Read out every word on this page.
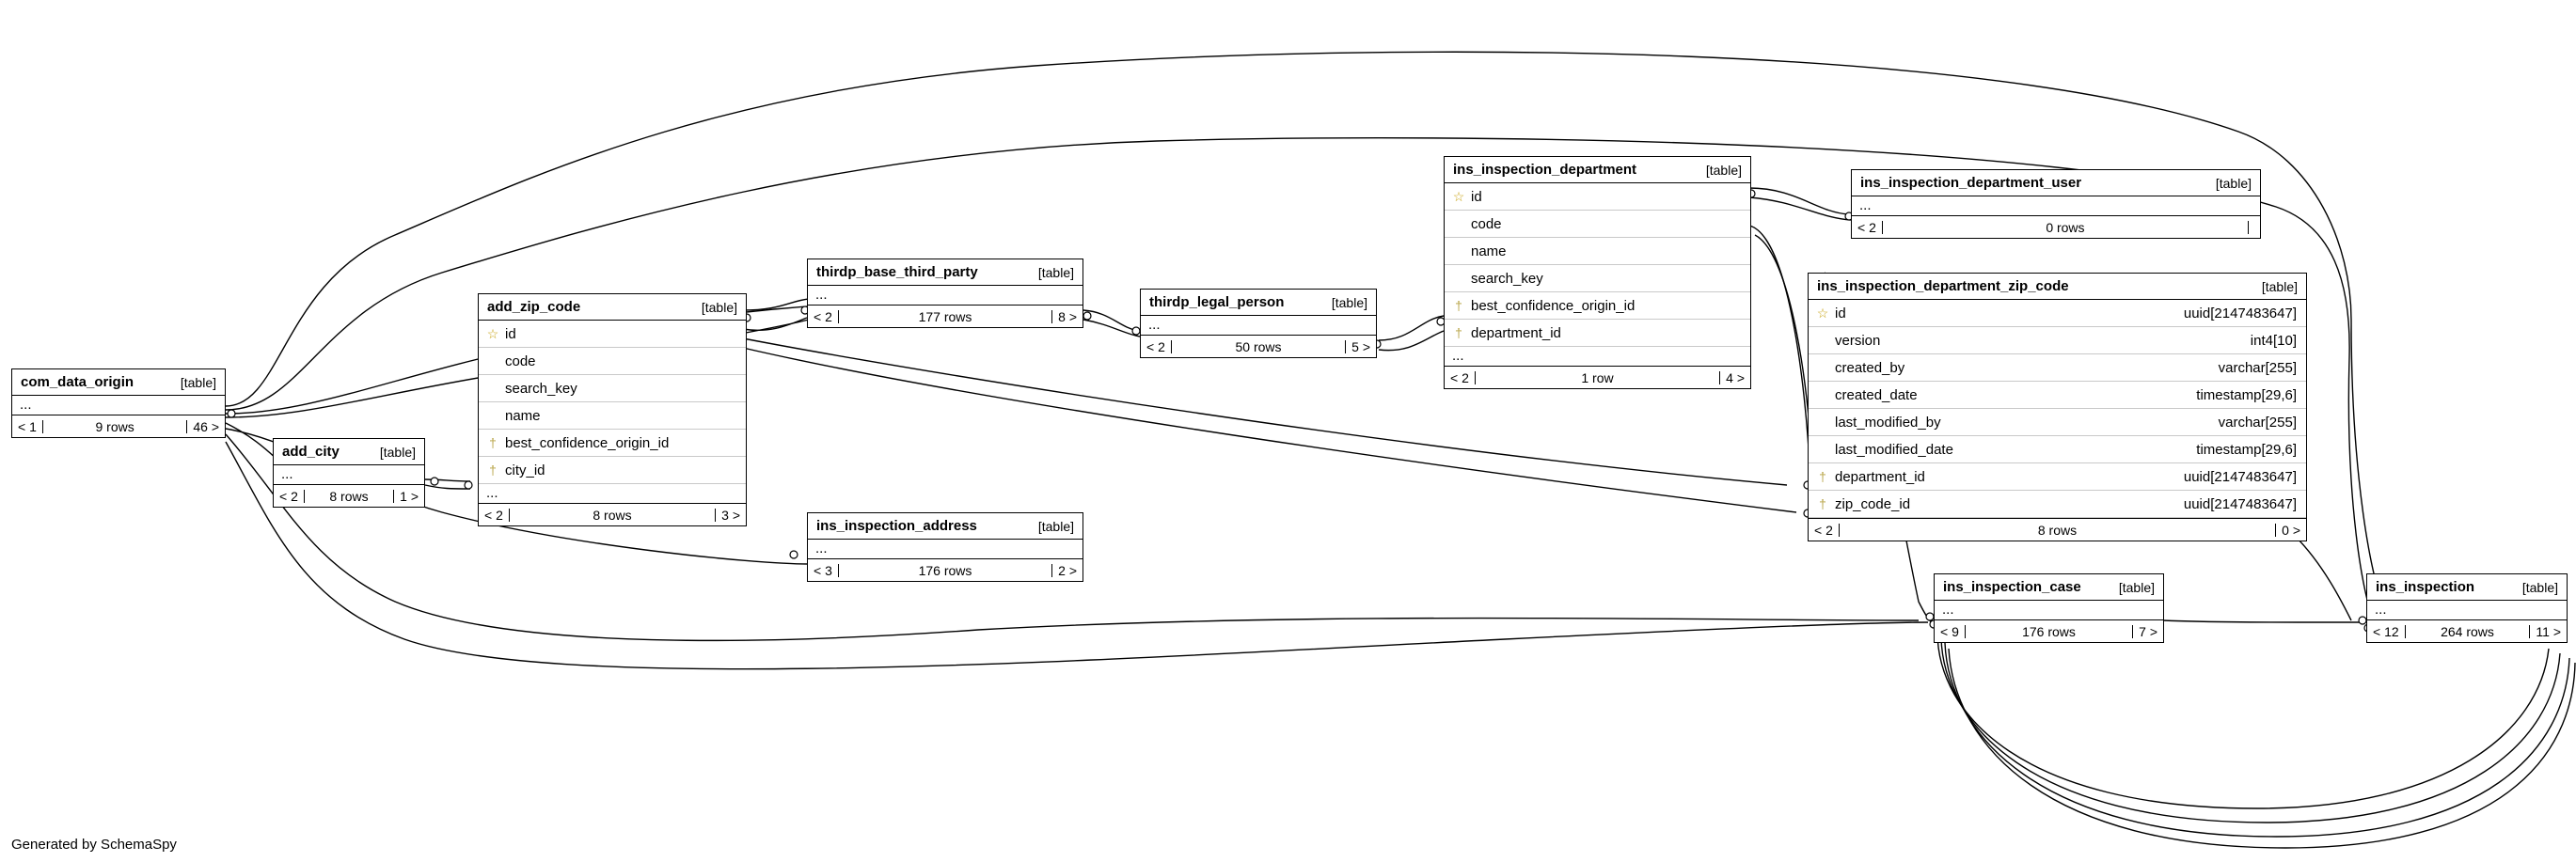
com_data_origin	[table]
...
< 1	9 rows	46 >
add_city	[table]
...
< 2	8 rows	1 >
add_zip_code	[table]
☆ id
code
search_key
name
† best_confidence_origin_id
† city_id
...
< 2	8 rows	3 >
thirdp_base_third_party	[table]
...
< 2	177 rows	8 >
thirdp_legal_person	[table]
...
< 2	50 rows	5 >
ins_inspection_address	[table]
...
< 3	176 rows	2 >
ins_inspection_department	[table]
☆ id
code
name
search_key
† best_confidence_origin_id
† department_id
...
< 2	1 row	4 >
ins_inspection_department_user	[table]
...
< 2	0 rows
ins_inspection_department_zip_code	[table]
☆ id	uuid[2147483647]
version	int4[10]
created_by	varchar[255]
created_date	timestamp[29,6]
last_modified_by	varchar[255]
last_modified_date	timestamp[29,6]
† department_id	uuid[2147483647]
† zip_code_id	uuid[2147483647]
< 2	8 rows	0 >
ins_inspection_case	[table]
...
< 9	176 rows	7 >
ins_inspection	[table]
...
< 12	264 rows	11 >
Generated by SchemaSpy
